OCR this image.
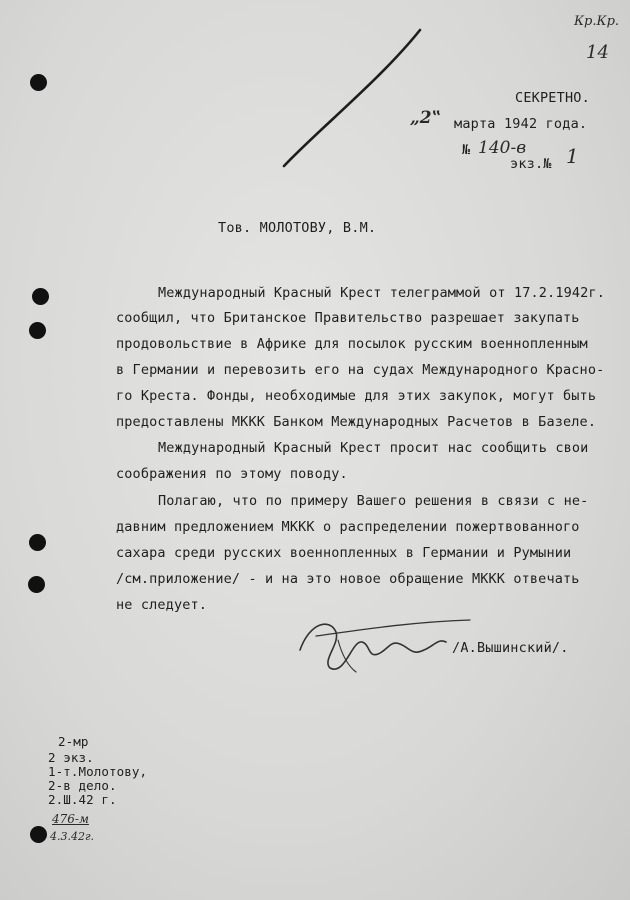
Кр.Кр.
14
СЕКРЕТНО.
„2‟ марта 1942 года.
№ 140-в
экз.№ 1
Тов. МОЛОТОВУ, В.М.
Международный Красный Крест телеграммой от 17.2.1942г.
сообщил, что Британское Правительство разрешает закупать
продовольствие в Африке для посылок русским военнопленным
в Германии и перевозить его на судах Международного Красно-
го Креста. Фонды, необходимые для этих закупок, могут быть
предоставлены МККК Банком Международных Расчетов в Базеле.
Международный Красный Крест просит нас сообщить свои
соображения по этому поводу.
Полагаю, что по примеру Вашего решения в связи с не-
давним предложением МККК о распределении пожертвованного
сахара среди русских военнопленных в Германии и Румынии
/см.приложение/ - и на это новое обращение МККК отвечать
не следует.
/А.Вышинский/.
2-мр
2 экз.
1-т.Молотову,
2-в дело.
2.Ш.42 г.
476-м
4.3.42г.
